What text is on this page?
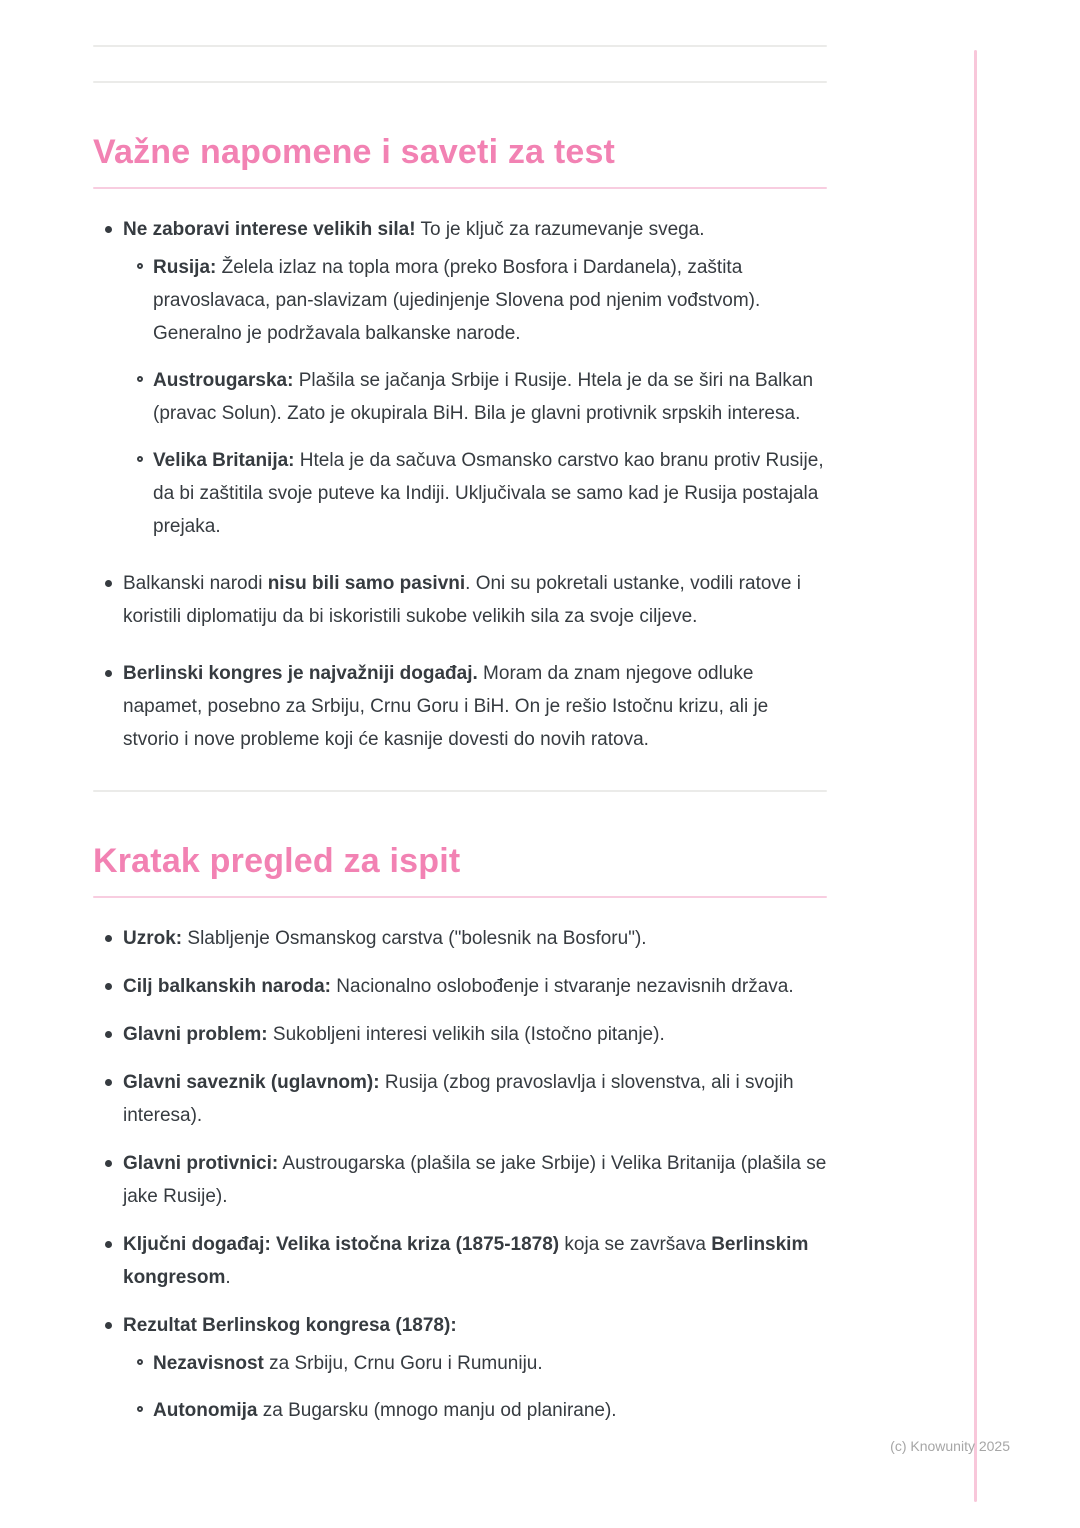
Važne napomene i saveti za test
Ne zaboravi interese velikih sila! To je ključ za razumevanje svega.
Rusija: Želela izlaz na topla mora (preko Bosfora i Dardanela), zaštita pravoslavaca, pan-slavizam (ujedinjenje Slovena pod njenim vođstvom). Generalno je podržavala balkanske narode.
Austrougarska: Plašila se jačanja Srbije i Rusije. Htela je da se širi na Balkan (pravac Solun). Zato je okupirala BiH. Bila je glavni protivnik srpskih interesa.
Velika Britanija: Htela je da sačuva Osmansko carstvo kao branu protiv Rusije, da bi zaštitila svoje puteve ka Indiji. Uključivala se samo kad je Rusija postajala prejaka.
Balkanski narodi nisu bili samo pasivni. Oni su pokretali ustanke, vodili ratove i koristili diplomatiju da bi iskoristili sukobe velikih sila za svoje ciljeve.
Berlinski kongres je najvažniji događaj. Moram da znam njegove odluke napamet, posebno za Srbiju, Crnu Goru i BiH. On je rešio Istočnu krizu, ali je stvorio i nove probleme koji će kasnije dovesti do novih ratova.
Kratak pregled za ispit
Uzrok: Slabljenje Osmanskog carstva ("bolesnik na Bosforu").
Cilj balkanskih naroda: Nacionalno oslobođenje i stvaranje nezavisnih država.
Glavni problem: Sukobljeni interesi velikih sila (Istočno pitanje).
Glavni saveznik (uglavnom): Rusija (zbog pravoslavlja i slovenstva, ali i svojih interesa).
Glavni protivnici: Austrougarska (plašila se jake Srbije) i Velika Britanija (plašila se jake Rusije).
Ključni događaj: Velika istočna kriza (1875-1878) koja se završava Berlinskim kongresom.
Rezultat Berlinskog kongresa (1878):
Nezavisnost za Srbiju, Crnu Goru i Rumuniju.
Autonomija za Bugarsku (mnogo manju od planirane).
(c) Knowunity 2025
